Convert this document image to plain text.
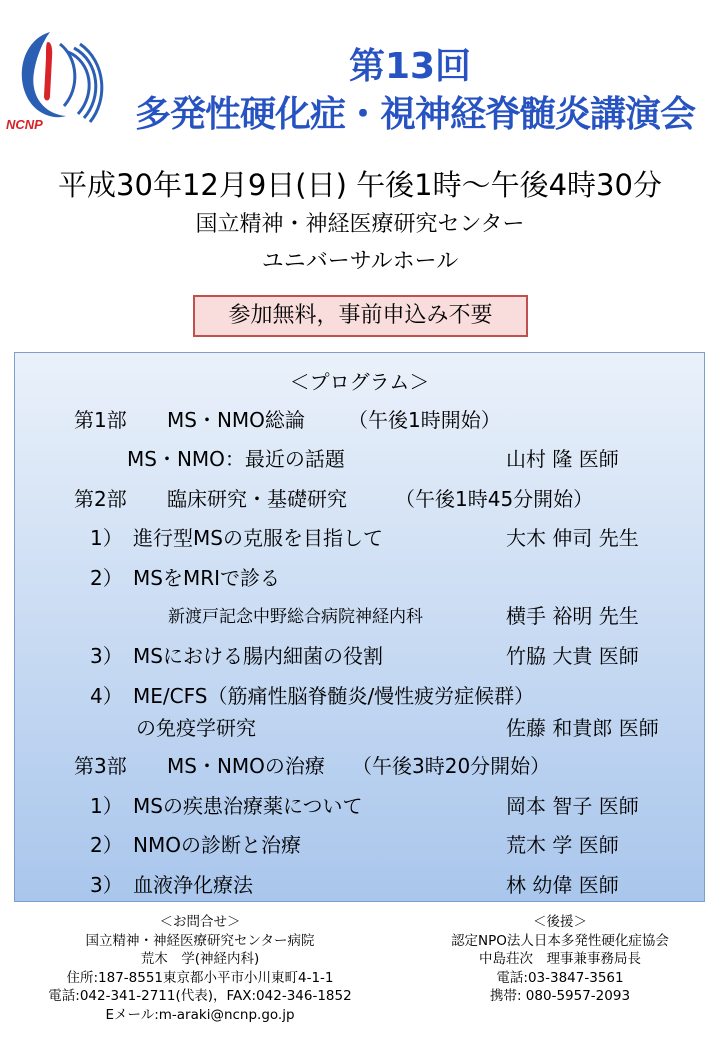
NCNP
第13回
多発性硬化症・視神経脊髄炎講演会
平成30年12月9日(日) 午後1時～午後4時30分
国立精神・神経医療研究センター
ユニバーサルホール
参加無料，事前申込み不要
＜プログラム＞
第1部 MS・NMO総論 （午後1時開始）
MS・NMO：最近の話題	山村 隆 医師
第2部 臨床研究・基礎研究 （午後1時45分開始）
1） 進行型MSの克服を目指して	大木 伸司 先生
2） MSをMRIで診る
新渡戸記念中野総合病院神経内科	横手 裕明 先生
3） MSにおける腸内細菌の役割	竹脇 大貴 医師
4） ME/CFS（筋痛性脳脊髄炎/慢性疲労症候群）
の免疫学研究	佐藤 和貴郎 医師
第3部 MS・NMOの治療 （午後3時20分開始）
1） MSの疾患治療薬について	岡本 智子 医師
2） NMOの診断と治療	荒木 学 医師
3） 血液浄化療法	林 幼偉 医師
＜お問合せ＞
国立精神・神経医療研究センター病院
荒木　学(神経内科)
住所:187-8551東京都小平市小川東町4-1-1
電話:042-341-2711(代表)，FAX:042-346-1852
Eメール:m-araki@ncnp.go.jp
＜後援＞
認定NPO法人日本多発性硬化症協会
中島荘次　理事兼事務局長
電話:03-3847-3561
携帯: 080-5957-2093
